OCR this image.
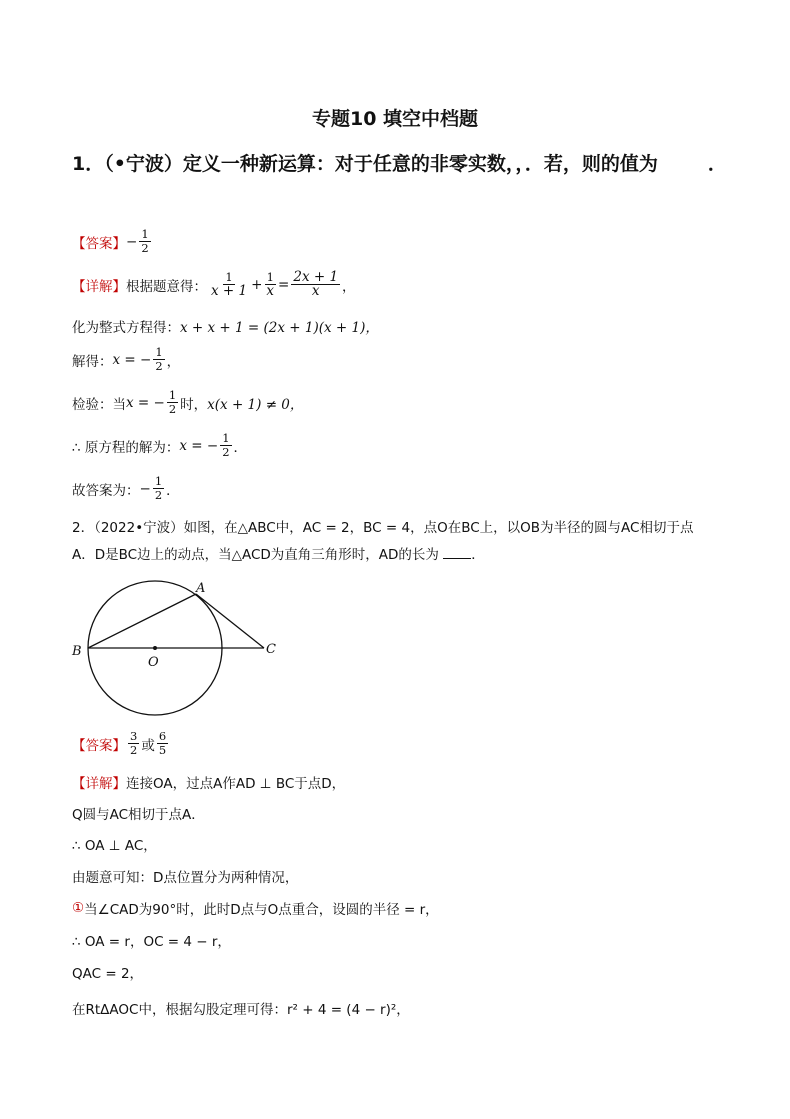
专题10 填空中档题
1．（•宁波）定义一种新运算：对于任意的非零实数，，．若，则的值为	．
【答案】 − $\frac{1}{2}$
【详解】 根据题意得： $\frac{1}{x + 1} + \frac{1}{x} = \frac{2x + 1}{x}$ ，
化为整式方程得： x + x + 1 = (2x + 1)(x + 1)，
解得： x = − $\frac{1}{2}$ ，
检验：当 x = − $\frac{1}{2}$ 时， x(x + 1) ≠ 0，
∴ 原方程的解为： x = − $\frac{1}{2}$ ．
故答案为： − $\frac{1}{2}$ ．
2．（2022•宁波）如图，在△ABC中，AC = 2，BC = 4，点O在BC上，以OB为半径的圆与AC相切于点
A．D是BC边上的动点，当△ACD为直角三角形时，AD的长为 ．
A
B
O
C
【答案】 $\frac{3}{2}$ 或 $\frac{6}{5}$
【详解】 连接OA，过点A作AD ⊥ BC于点D，
Q圆与AC相切于点A．
∴ OA ⊥ AC，
由题意可知：D点位置分为两种情况，
① 当∠CAD为90°时，此时D点与O点重合，设圆的半径 = r，
∴ OA = r，OC = 4 − r，
QAC = 2，
在RtΔAOC中，根据勾股定理可得：r² + 4 = (4 − r)²，
